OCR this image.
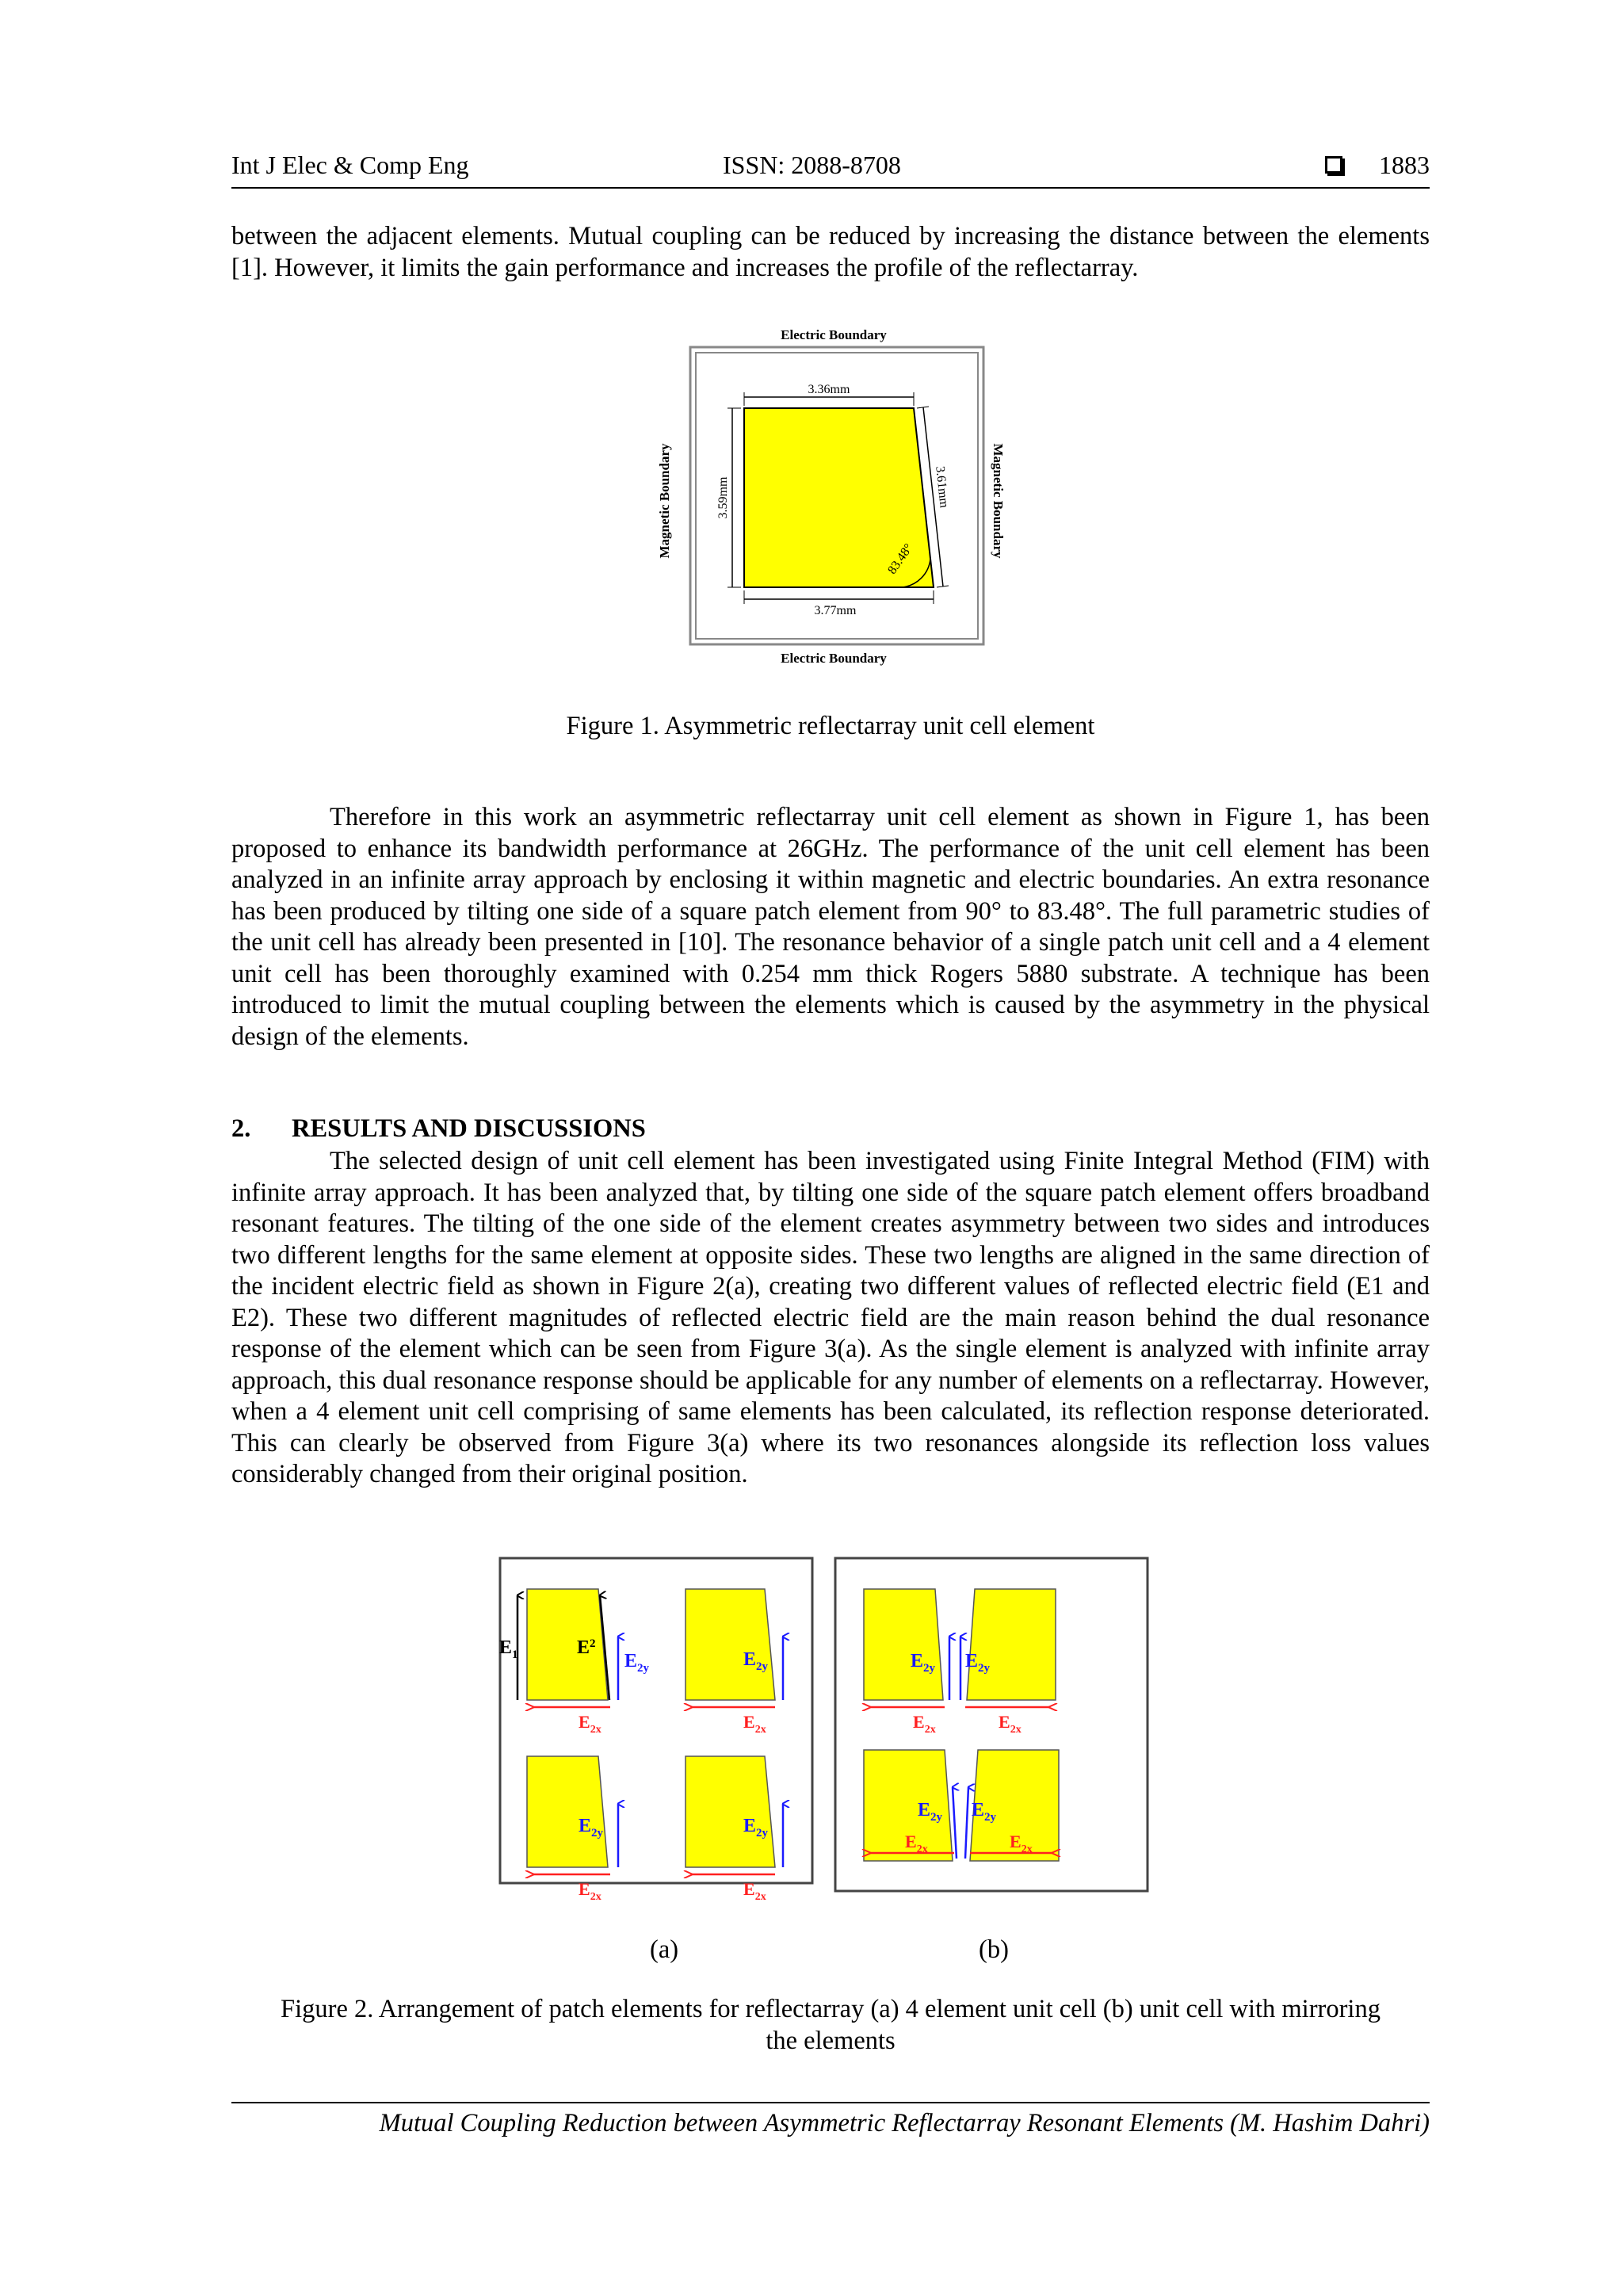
Int J Elec & Comp Eng	ISSN: 2088-8708	1883
between the adjacent elements. Mutual coupling can be reduced by increasing the distance between the elements [1]. However, it limits the gain performance and increases the profile of the reflectarray.
Electric Boundary
Electric Boundary
Magnetic Boundary	Magnetic Boundary
3.36mm
3.77mm
3.59mm	3.61mm
83.48°
Figure 1. Asymmetric reflectarray unit cell element
Therefore in this work an asymmetric reflectarray unit cell element as shown in Figure 1, has been proposed to enhance its bandwidth performance at 26GHz. The performance of the unit cell element has been analyzed in an infinite array approach by enclosing it within magnetic and electric boundaries. An extra resonance has been produced by tilting one side of a square patch element from 90° to 83.48°. The full parametric studies of the unit cell has already been presented in [10]. The resonance behavior of a single patch unit cell and a 4 element unit cell has been thoroughly examined with 0.254 mm thick Rogers 5880 substrate. A technique has been introduced to limit the mutual coupling between the elements which is caused by the asymmetry in the physical design of the elements.
2. RESULTS AND DISCUSSIONS
The selected design of unit cell element has been investigated using Finite Integral Method (FIM) with infinite array approach. It has been analyzed that, by tilting one side of the square patch element offers broadband resonant features. The tilting of the one side of the element creates asymmetry between two sides and introduces two different lengths for the same element at opposite sides. These two lengths are aligned in the same direction of the incident electric field as shown in Figure 2(a), creating two different values of reflected electric field (E1 and E2). These two different magnitudes of reflected electric field are the main reason behind the dual resonance response of the element which can be seen from Figure 3(a). As the single element is analyzed with infinite array approach, this dual resonance response should be applicable for any number of elements on a reflectarray. However, when a 4 element unit cell comprising of same elements has been calculated, its reflection response deteriorated. This can clearly be observed from Figure 3(a) where its two resonances alongside its reflection loss values considerably changed from their original position.
$E_1$	$E^2$
$E_{2y}$	$E_{2y}$
$E_{2y}$	$E_{2y}$
$E_{2x}$	$E_{2x}$
$E_{2x}$	$E_{2x}$
$E_{2y}$ $E_{2y}$
$E_{2y}$ $E_{2y}$
$E_{2x}$	$E_{2x}$
$E_{2x}$	$E_{2x}$
(a)	(b)
Figure 2. Arrangement of patch elements for reflectarray (a) 4 element unit cell (b) unit cell with mirroring
the elements
Mutual Coupling Reduction between Asymmetric Reflectarray Resonant Elements (M. Hashim Dahri)
